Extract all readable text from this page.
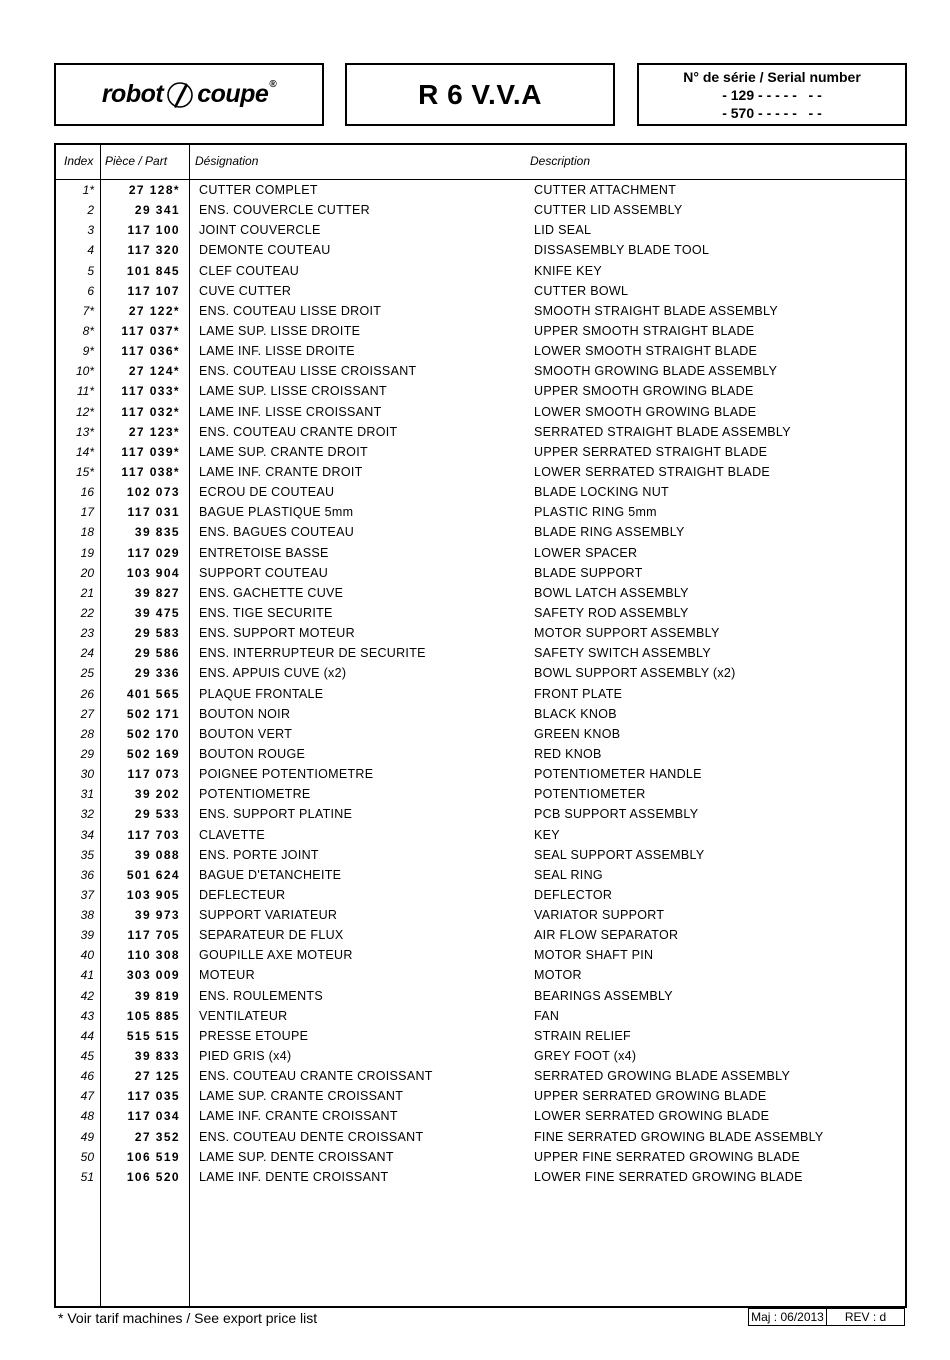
robot coupe®	R 6 V.V.A
N° de série / Serial number
- 129 - - - - -   - -
- 570 - - - - -   - -
Index Pièce / Part Désignation	Description
1*	27 128* CUTTER COMPLET	CUTTER ATTACHMENT
2	29 341 ENS. COUVERCLE CUTTER	CUTTER LID ASSEMBLY
3	117 100 JOINT COUVERCLE	LID SEAL
4	117 320 DEMONTE COUTEAU	DISSASEMBLY BLADE TOOL
5	101 845 CLEF COUTEAU	KNIFE KEY
6	117 107 CUVE CUTTER	CUTTER BOWL
7*	27 122* ENS. COUTEAU LISSE DROIT	SMOOTH STRAIGHT BLADE ASSEMBLY
8* 117 037* LAME SUP. LISSE DROITE	UPPER SMOOTH STRAIGHT BLADE
9* 117 036* LAME INF. LISSE DROITE	LOWER SMOOTH STRAIGHT BLADE
10*	27 124* ENS. COUTEAU LISSE CROISSANT	SMOOTH GROWING BLADE ASSEMBLY
11* 117 033* LAME SUP. LISSE CROISSANT	UPPER SMOOTH GROWING BLADE
12* 117 032* LAME INF. LISSE CROISSANT	LOWER SMOOTH GROWING BLADE
13*	27 123* ENS. COUTEAU CRANTE DROIT	SERRATED STRAIGHT BLADE ASSEMBLY
14* 117 039* LAME SUP. CRANTE DROIT	UPPER SERRATED STRAIGHT BLADE
15* 117 038* LAME INF. CRANTE DROIT	LOWER SERRATED STRAIGHT BLADE
16	102 073 ECROU DE COUTEAU	BLADE LOCKING NUT
17	117 031 BAGUE PLASTIQUE 5mm	PLASTIC RING 5mm
18	39 835 ENS. BAGUES COUTEAU	BLADE RING ASSEMBLY
19	117 029 ENTRETOISE BASSE	LOWER SPACER
20	103 904 SUPPORT COUTEAU	BLADE SUPPORT
21	39 827 ENS. GACHETTE CUVE	BOWL LATCH ASSEMBLY
22	39 475 ENS. TIGE SECURITE	SAFETY ROD ASSEMBLY
23	29 583 ENS. SUPPORT MOTEUR	MOTOR SUPPORT ASSEMBLY
24	29 586 ENS. INTERRUPTEUR DE SECURITE	SAFETY SWITCH ASSEMBLY
25	29 336 ENS. APPUIS CUVE (x2)	BOWL SUPPORT ASSEMBLY (x2)
26	401 565 PLAQUE FRONTALE	FRONT PLATE
27	502 171 BOUTON NOIR	BLACK KNOB
28	502 170 BOUTON VERT	GREEN KNOB
29	502 169 BOUTON ROUGE	RED KNOB
30	117 073 POIGNEE POTENTIOMETRE	POTENTIOMETER HANDLE
31	39 202 POTENTIOMETRE	POTENTIOMETER
32	29 533 ENS. SUPPORT PLATINE	PCB SUPPORT ASSEMBLY
34	117 703 CLAVETTE	KEY
35	39 088 ENS. PORTE JOINT	SEAL SUPPORT ASSEMBLY
36	501 624 BAGUE D'ETANCHEITE	SEAL RING
37	103 905 DEFLECTEUR	DEFLECTOR
38	39 973 SUPPORT VARIATEUR	VARIATOR SUPPORT
39	117 705 SEPARATEUR DE FLUX	AIR FLOW SEPARATOR
40	110 308 GOUPILLE AXE MOTEUR	MOTOR SHAFT PIN
41	303 009 MOTEUR	MOTOR
42	39 819 ENS. ROULEMENTS	BEARINGS ASSEMBLY
43	105 885 VENTILATEUR	FAN
44	515 515 PRESSE ETOUPE	STRAIN RELIEF
45	39 833 PIED GRIS (x4)	GREY FOOT (x4)
46	27 125 ENS. COUTEAU CRANTE CROISSANT	SERRATED GROWING BLADE ASSEMBLY
47	117 035 LAME SUP. CRANTE CROISSANT	UPPER SERRATED GROWING BLADE
48	117 034 LAME INF. CRANTE CROISSANT	LOWER SERRATED GROWING BLADE
49	27 352 ENS. COUTEAU DENTE CROISSANT	FINE SERRATED GROWING BLADE ASSEMBLY
50	106 519 LAME SUP. DENTE CROISSANT	UPPER FINE SERRATED GROWING BLADE
51	106 520 LAME INF. DENTE CROISSANT	LOWER FINE SERRATED GROWING BLADE
* Voir tarif machines / See export price list	Maj : 06/2013	REV : d
